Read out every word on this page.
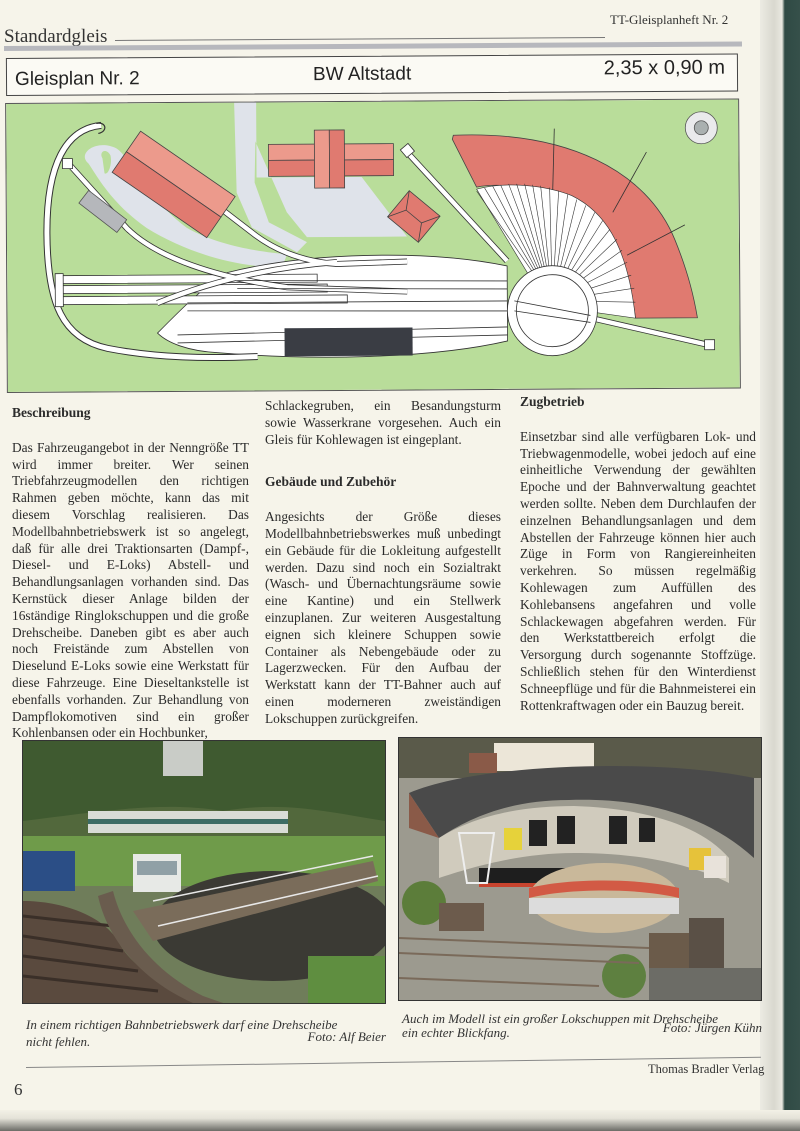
Standardgleis
TT-Gleisplanheft Nr. 2
Gleisplan Nr. 2	BW Altstadt	2,35 x 0,90 m
Beschreibung

Das Fahrzeugangebot in der Nenngröße TT wird immer breiter. Wer seinen Triebfahrzeugmodellen den richtigen Rahmen geben möchte, kann das mit diesem Vorschlag realisieren. Das Modellbahnbetriebswerk ist so angelegt, daß für alle drei Traktionsarten (Dampf-, Diesel- und E-Loks) Abstell- und Behandlungsanlagen vorhanden sind. Das Kernstück dieser Anlage bilden der 16ständige Ringlokschuppen und die große Drehscheibe. Daneben gibt es aber auch noch Freistände zum Abstellen von Dieselund E-Loks sowie eine Werkstatt für diese Fahrzeuge. Eine Dieseltankstelle ist ebenfalls vorhanden. Zur Behandlung von Dampflokomotiven sind ein großer Kohlenbansen oder ein Hochbunker,

Schlackegruben, ein Besandungsturm sowie Wasserkrane vorgesehen. Auch ein Gleis für Kohlewagen ist eingeplant.

Gebäude und Zubehör

Angesichts der Größe dieses Modellbahnbetriebswerkes muß unbedingt ein Gebäude für die Lokleitung aufgestellt werden. Dazu sind noch ein Sozialtrakt (Wasch- und Übernachtungsräume sowie eine Kantine) und ein Stellwerk einzuplanen. Zur weiteren Ausgestaltung eignen sich kleinere Schuppen sowie Container als Nebengebäude oder zu Lagerzwecken. Für den Aufbau der Werkstatt kann der TT-Bahner auch auf einen moderneren zweiständigen Lokschuppen zurückgreifen.

Zugbetrieb

Einsetzbar sind alle verfügbaren Lok- und Triebwagenmodelle, wobei jedoch auf eine einheitliche Verwendung der gewählten Epoche und der Bahnverwaltung geachtet werden sollte. Neben dem Durchlaufen der einzelnen Behandlungsanlagen und dem Abstellen der Fahrzeuge können hier auch Züge in Form von Rangiereinheiten verkehren. So müssen regelmäßig Kohlewagen zum Auffüllen des Kohlebansens angefahren und volle Schlackewagen abgefahren werden. Für den Werkstattbereich erfolgt die Versorgung durch sogenannte Stoffzüge. Schließlich stehen für den Winterdienst Schneepflüge und für die Bahnmeisterei ein Rottenkraftwagen oder ein Bauzug bereit.

In einem richtigen Bahnbetriebswerk darf eine Drehscheibe
Foto: Alf Beier
nicht fehlen.
Auch im Modell ist ein großer Lokschuppen mit Drehscheibe
Foto: Jürgen Kühn
ein echter Blickfang.
Thomas Bradler Verlag
6
